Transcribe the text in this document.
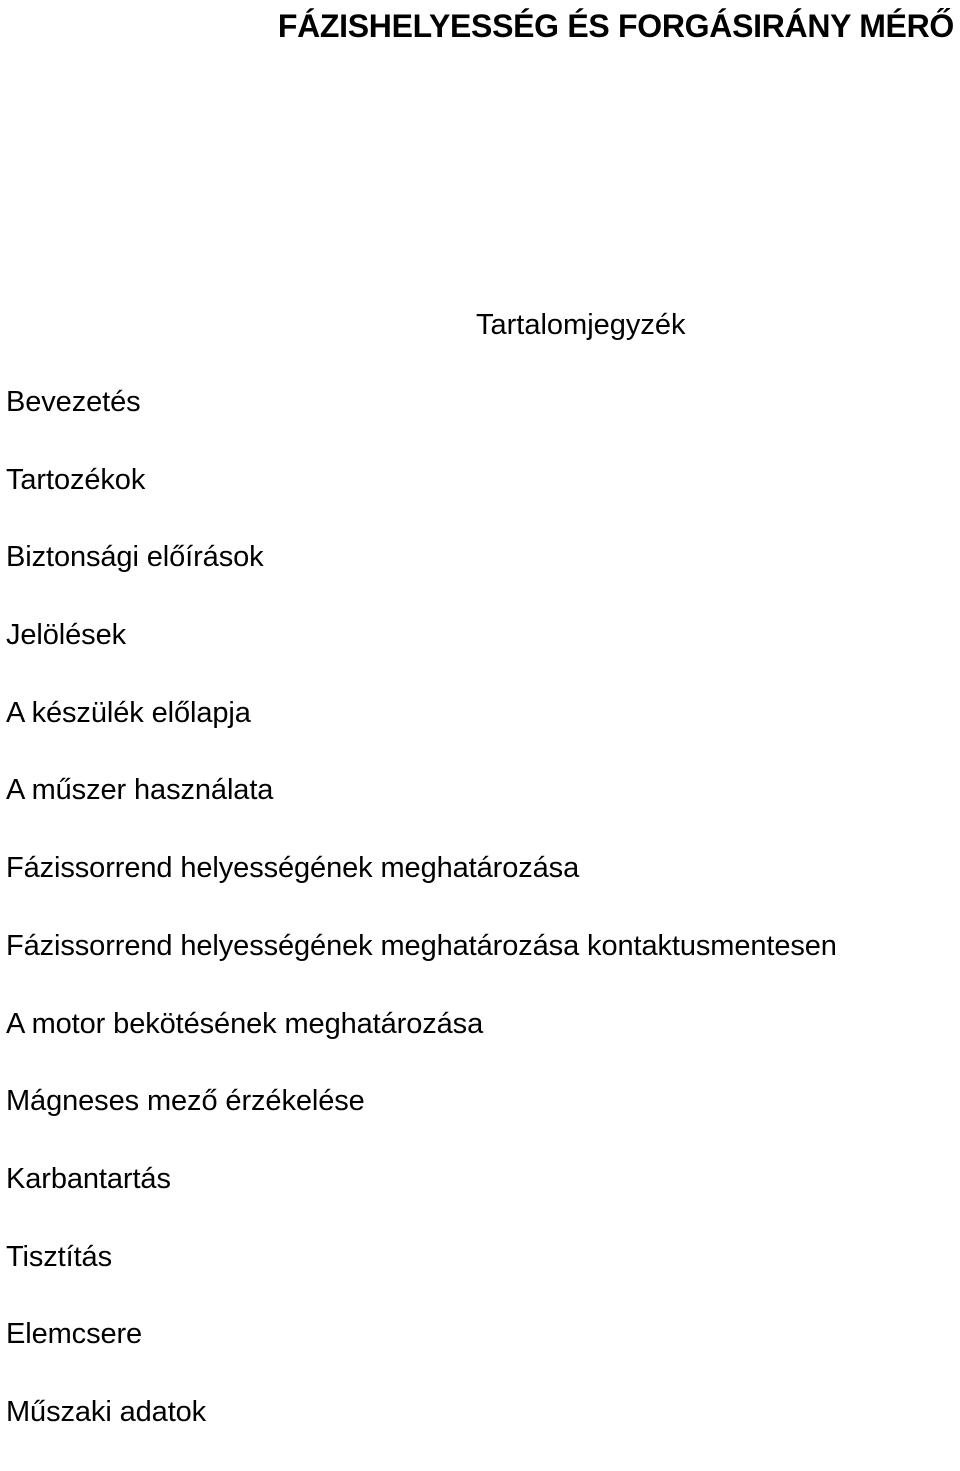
FÁZISHELYESSÉG ÉS FORGÁSIRÁNY MÉRŐ
Tartalomjegyzék
Bevezetés
Tartozékok
Biztonsági előírások
Jelölések
A készülék előlapja
A műszer használata
Fázissorrend helyességének meghatározása
Fázissorrend helyességének meghatározása kontaktusmentesen
A motor bekötésének meghatározása
Mágneses mező érzékelése
Karbantartás
Tisztítás
Elemcsere
Műszaki adatok
